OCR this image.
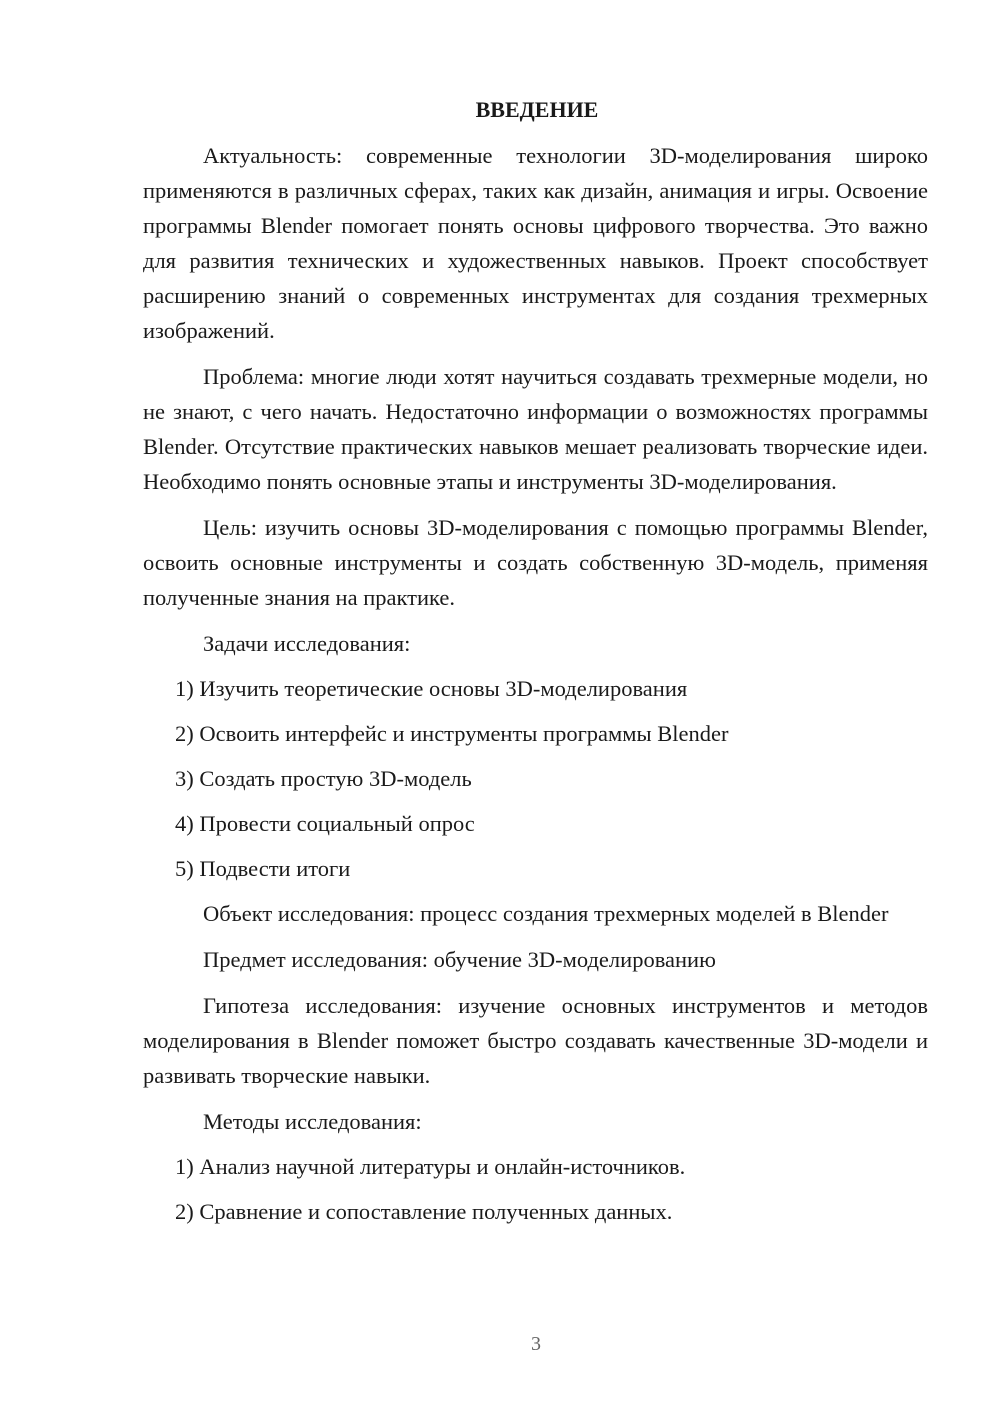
ВВЕДЕНИЕ

Актуальность: современные технологии 3D-моделирования широко применяются в различных сферах, таких как дизайн, анимация и игры. Освоение программы Blender помогает понять основы цифрового творчества. Это важно для развития технических и художественных навыков. Проект способствует расширению знаний о современных инструментах для создания трехмерных изображений.

Проблема: многие люди хотят научиться создавать трехмерные модели, но не знают, с чего начать. Недостаточно информации о возможностях программы Blender. Отсутствие практических навыков мешает реализовать творческие идеи. Необходимо понять основные этапы и инструменты 3D-моделирования.

Цель: изучить основы 3D-моделирования с помощью программы Blender, освоить основные инструменты и создать собственную 3D-модель, применяя полученные знания на практике.

Задачи исследования:
1) Изучить теоретические основы 3D-моделирования
2) Освоить интерфейс и инструменты программы Blender
3) Создать простую 3D-модель
4) Провести социальный опрос
5) Подвести итоги

Объект исследования: процесс создания трехмерных моделей в Blender

Предмет исследования: обучение 3D-моделированию

Гипотеза исследования: изучение основных инструментов и методов моделирования в Blender поможет быстро создавать качественные 3D-модели и развивать творческие навыки.

Методы исследования:
1) Анализ научной литературы и онлайн-источников.
2) Сравнение и сопоставление полученных данных.
3
